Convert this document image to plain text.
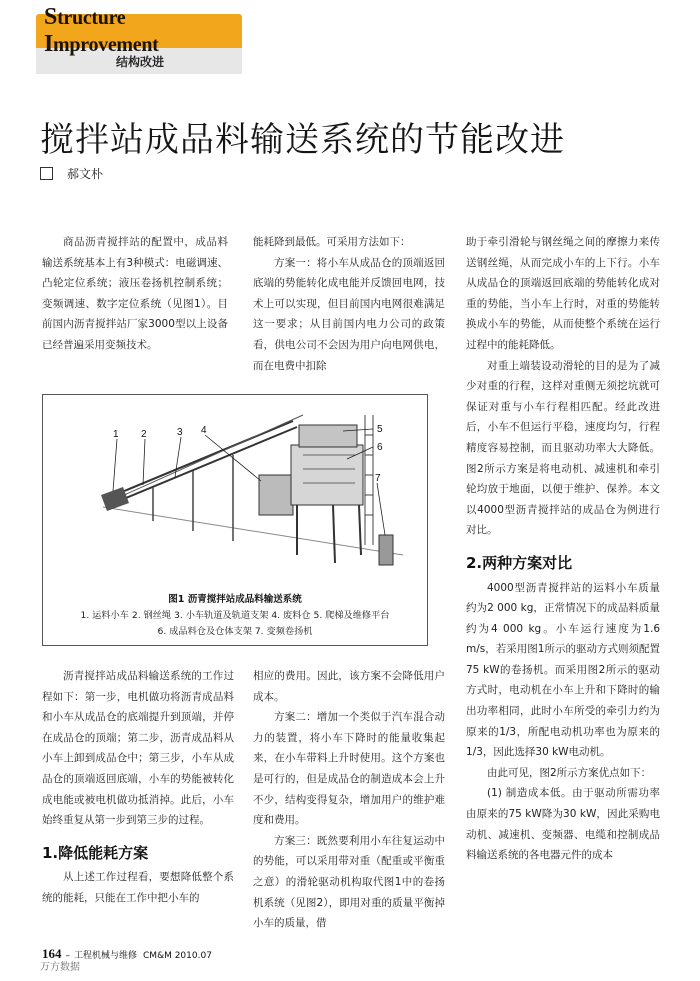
Structure Improvement
结构改进
搅拌站成品料输送系统的节能改进
郝文朴

商品沥青搅拌站的配置中，成品料输送系统基本上有3种模式：电磁调速、凸轮定位系统；液压卷扬机控制系统；变频调速、数字定位系统（见图1）。目前国内沥青搅拌站厂家3000型以上设备已经普遍采用变频技术。

能耗降到最低。可采用方法如下：

方案一：将小车从成品仓的顶端返回底端的势能转化成电能并反馈回电网，技术上可以实现，但目前国内电网很难满足这一要求；从目前国内电力公司的政策看，供电公司不会因为用户向电网供电，而在电费中扣除

助于牵引滑轮与钢丝绳之间的摩擦力来传送钢丝绳，从而完成小车的上下行。小车从成品仓的顶端返回底端的势能转化成对重的势能，当小车上行时，对重的势能转换成小车的势能，从而使整个系统在运行过程中的能耗降低。

对重上端装设动滑轮的目的是为了减少对重的行程，这样对重侧无须挖坑就可保证对重与小车行程相匹配。经此改进后，小车不但运行平稳，速度均匀，行程精度容易控制，而且驱动功率大大降低。图2所示方案是将电动机、减速机和牵引轮均放于地面，以便于维护、保养。本文以4000型沥青搅拌站的成品仓为例进行对比。

2.两种方案对比

4000型沥青搅拌站的运料小车质量约为2 000 kg，正常情况下的成品料质量约为4 000 kg。小车运行速度为1.6 m/s，若采用图1所示的驱动方式则须配置75 kW的卷扬机。而采用图2所示的驱动方式时，电动机在小车上升和下降时的输出功率相同，此时小车所受的牵引力约为原来的1/3，所配电动机功率也为原来的1/3，因此选择30 kW电动机。

由此可见，图2所示方案优点如下：

(1) 制造成本低。由于驱动所需功率由原来的75 kW降为30 kW，因此采购电动机、减速机、变频器、电缆和控制成品料输送系统的各电器元件的成本

1 2	3 4	5
6
7
图1 沥青搅拌站成品料输送系统
1. 运料小车 2. 钢丝绳 3. 小车轨道及轨道支架 4. 废料仓 5. 爬梯及维修平台
6. 成品料仓及仓体支架 7. 变频卷扬机

沥青搅拌站成品料输送系统的工作过程如下：第一步，电机做功将沥青成品料和小车从成品仓的底端提升到顶端，并停在成品仓的顶端；第二步，沥青成品料从小车上卸到成品仓中；第三步，小车从成品仓的顶端返回底端，小车的势能被转化成电能或被电机做功抵消掉。此后，小车始终重复从第一步到第三步的过程。

1.降低能耗方案

从上述工作过程看，要想降低整个系统的能耗，只能在工作中把小车的

相应的费用。因此，该方案不会降低用户成本。

方案二：增加一个类似于汽车混合动力的装置，将小车下降时的能量收集起来，在小车带料上升时使用。这个方案也是可行的，但是成品仓的制造成本会上升不少，结构变得复杂，增加用户的维护难度和费用。

方案三：既然要利用小车往复运动中的势能，可以采用带对重（配重或平衡重之意）的滑轮驱动机构取代图1中的卷扬机系统（见图2），即用对重的质量平衡掉小车的质量，借

164 – 工程机械与维修 CM&M 2010.07
万方数据
